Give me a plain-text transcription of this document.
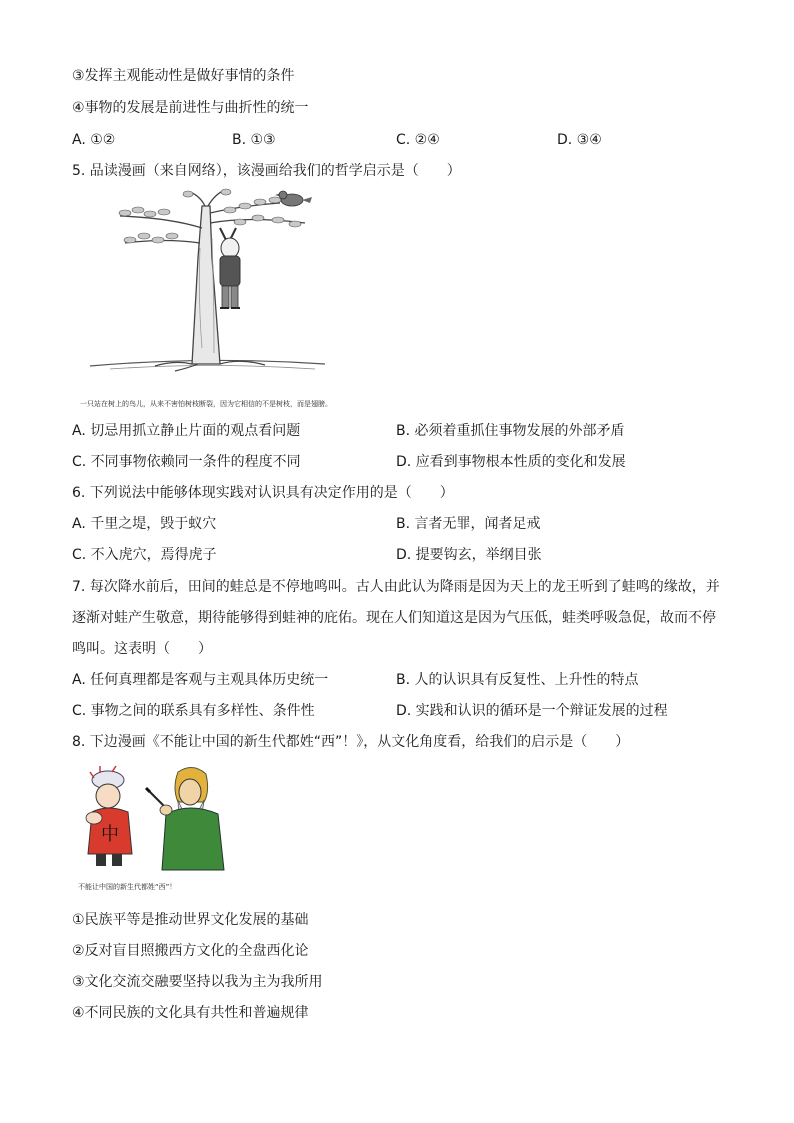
③发挥主观能动性是做好事情的条件
④事物的发展是前进性与曲折性的统一
A. ①②	B. ①③	C. ②④	D. ③④
5. 品读漫画（来自网络），该漫画给我们的哲学启示是（　　）
一只站在树上的鸟儿，从来不害怕树枝断裂，因为它相信的不是树枝，而是翅膀。
A. 切忌用抓立静止片面的观点看问题	B. 必须着重抓住事物发展的外部矛盾
C. 不同事物依赖同一条件的程度不同	D. 应看到事物根本性质的变化和发展
6. 下列说法中能够体现实践对认识具有决定作用的是（　　）
A. 千里之堤，毁于蚁穴	B. 言者无罪，闻者足戒
C. 不入虎穴，焉得虎子	D. 提要钩玄，举纲目张
7. 每次降水前后，田间的蛙总是不停地鸣叫。古人由此认为降雨是因为天上的龙王听到了蛙鸣的缘故，并逐渐对蛙产生敬意，期待能够得到蛙神的庇佑。现在人们知道这是因为气压低，蛙类呼吸急促，故而不停鸣叫。这表明（　　）
A. 任何真理都是客观与主观具体历史统一	B. 人的认识具有反复性、上升性的特点
C. 事物之间的联系具有多样性、条件性	D. 实践和认识的循环是一个辩证发展的过程
8. 下边漫画《不能让中国的新生代都姓“西”！》，从文化角度看，给我们的启示是（　　）
中
不能让中国的新生代都姓“西”！
①民族平等是推动世界文化发展的基础
②反对盲目照搬西方文化的全盘西化论
③文化交流交融要坚持以我为主为我所用
④不同民族的文化具有共性和普遍规律
